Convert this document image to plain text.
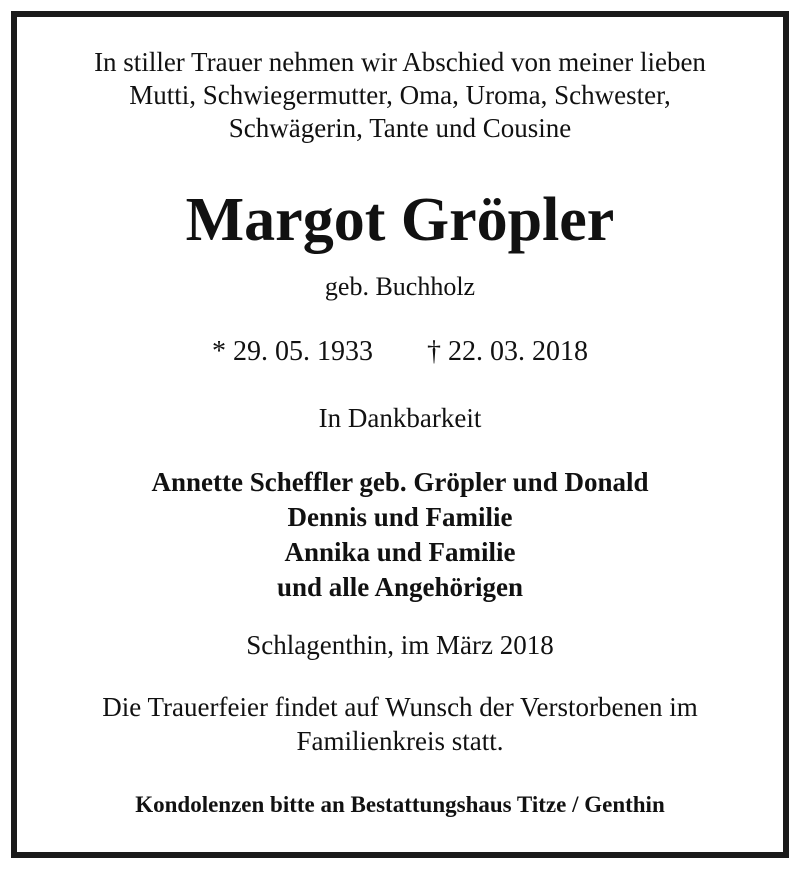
In stiller Trauer nehmen wir Abschied von meiner lieben
Mutti, Schwiegermutter, Oma, Uroma, Schwester,
Schwägerin, Tante und Cousine
Margot Gröpler
geb. Buchholz
* 29. 05. 1933 † 22. 03. 2018
In Dankbarkeit
Annette Scheffler geb. Gröpler und Donald
Dennis und Familie
Annika und Familie
und alle Angehörigen
Schlagenthin, im März 2018
Die Trauerfeier findet auf Wunsch der Verstorbenen im
Familienkreis statt.
Kondolenzen bitte an Bestattungshaus Titze / Genthin
